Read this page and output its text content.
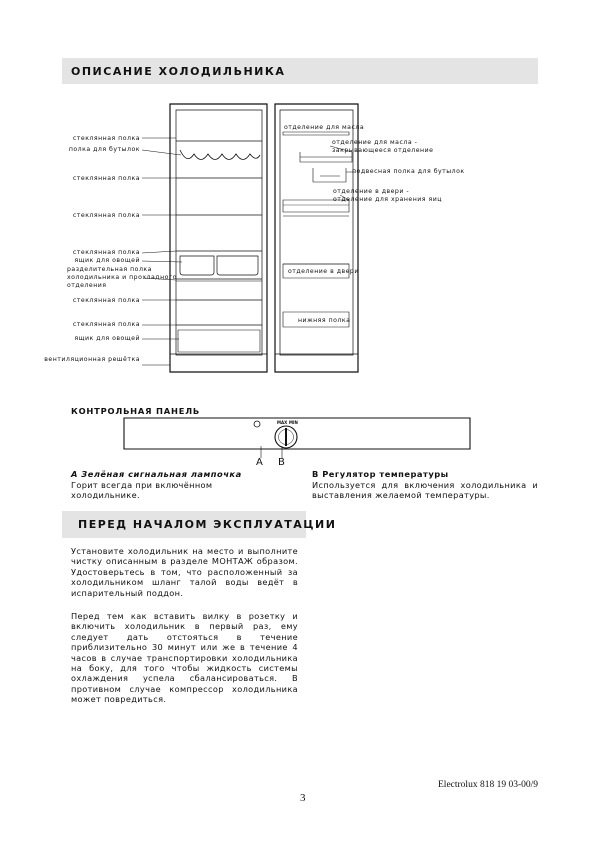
ОПИСАНИЕ ХОЛОДИЛЬНИКА
стеклянная полка
полка для бутылок
стеклянная полка
стеклянная полка
стеклянная полка
ящик для овощей
разделительная полка
холодильника и прохладного
отделения
стеклянная полка
стеклянная полка
ящик для овощей
вентиляционная решётка
отделение для масла
отделение для масла -
закрывающееся отделение
подвесная полка для бутылок
отделение в двери -
отделение для хранения яиц
отделение в двери
нижняя полка
КОНТРОЛЬНАЯ ПАНЕЛЬ
MAX MIN
A B
A Зелёная сигнальная лампочка
Горит всегда при включённом холодильнике.
B Регулятор температуры
Используется для включения холодильника и выставления желаемой температуры.
ПЕРЕД НАЧАЛОМ ЭКСПЛУАТАЦИИ
Установите холодильник на место и выполните чистку описанным в разделе МОНТАЖ образом. Удостоверьтесь в том, что расположенный за холодильником шланг талой воды ведёт в испарительный поддон.
Перед тем как вставить вилку в розетку и включить холодильник в первый раз, ему следует дать отстояться в течение приблизительно 30 минут или же в течение 4 часов в случае транспортировки холодильника на боку, для того чтобы жидкость системы охлаждения успела сбалансироваться. В противном случае компрессор холодильника может повредиться.
Electrolux 818 19 03-00/9
3
